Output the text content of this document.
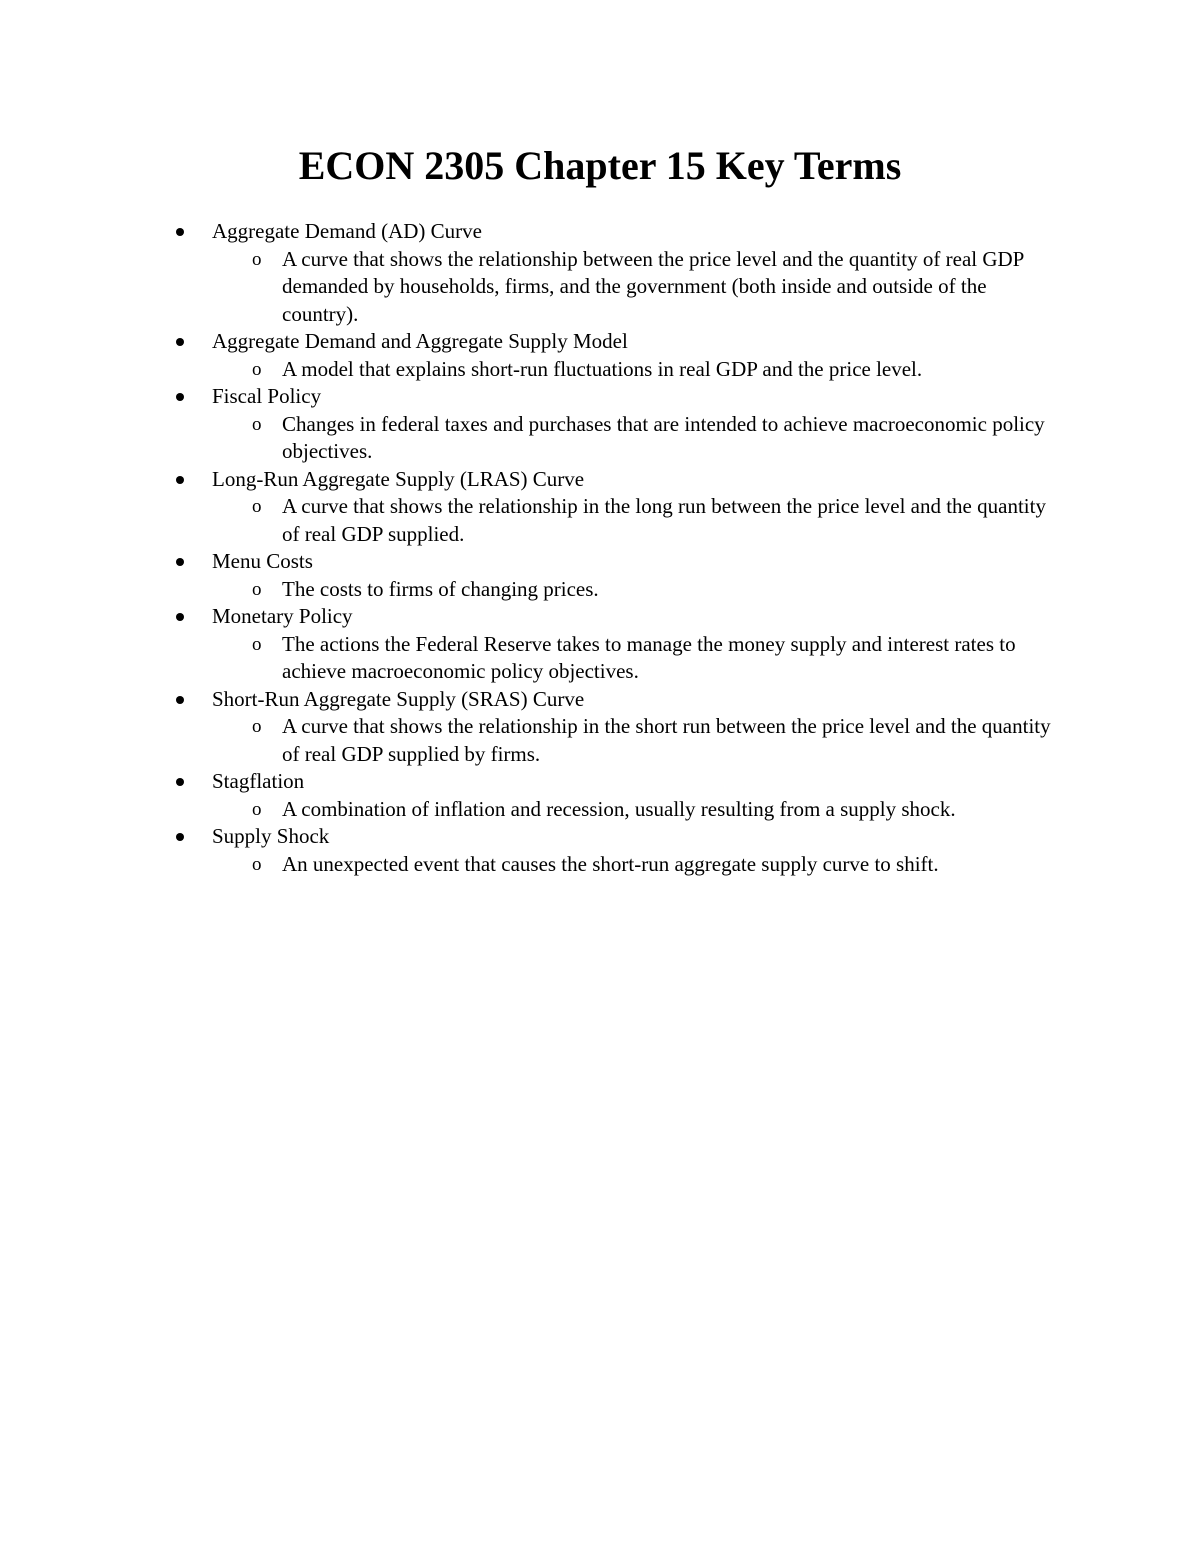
ECON 2305 Chapter 15 Key Terms
Aggregate Demand (AD) Curve
o A curve that shows the relationship between the price level and the quantity of real GDP demanded by households, firms, and the government (both inside and outside of the country).
Aggregate Demand and Aggregate Supply Model
o A model that explains short-run fluctuations in real GDP and the price level.
Fiscal Policy
o Changes in federal taxes and purchases that are intended to achieve macroeconomic policy objectives.
Long-Run Aggregate Supply (LRAS) Curve
o A curve that shows the relationship in the long run between the price level and the quantity of real GDP supplied.
Menu Costs
o The costs to firms of changing prices.
Monetary Policy
o The actions the Federal Reserve takes to manage the money supply and interest rates to achieve macroeconomic policy objectives.
Short-Run Aggregate Supply (SRAS) Curve
o A curve that shows the relationship in the short run between the price level and the quantity of real GDP supplied by firms.
Stagflation
o A combination of inflation and recession, usually resulting from a supply shock.
Supply Shock
o An unexpected event that causes the short-run aggregate supply curve to shift.
